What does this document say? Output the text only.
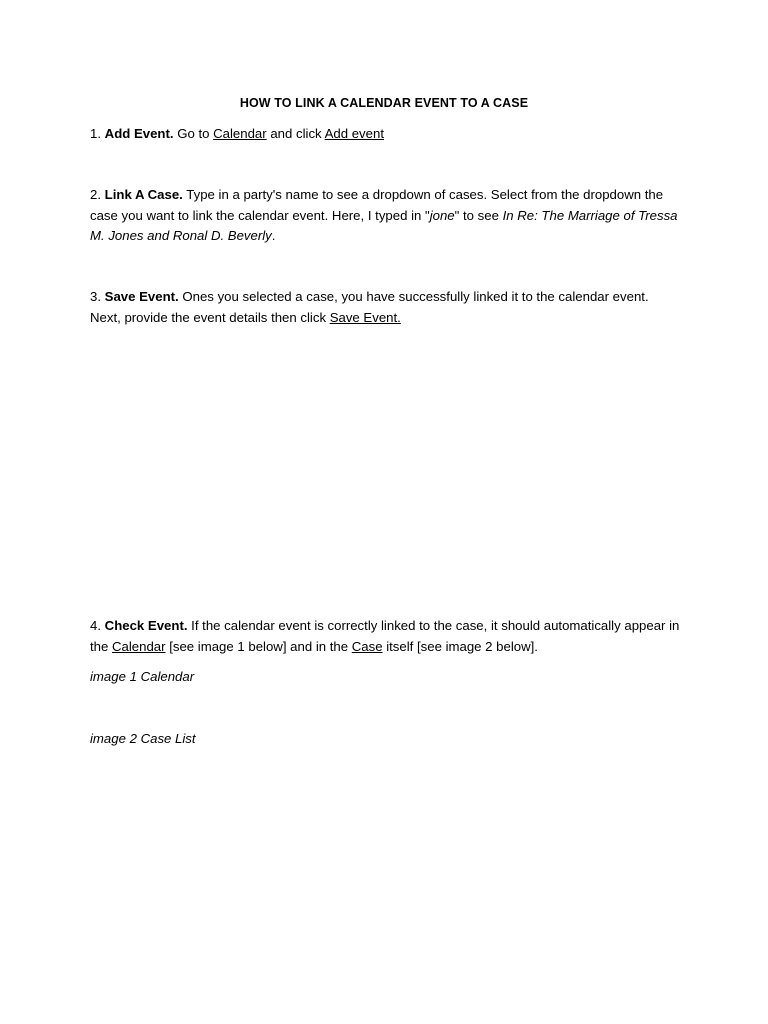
HOW TO LINK A CALENDAR EVENT TO A CASE
1. Add Event. Go to Calendar and click Add event
2. Link A Case. Type in a party's name to see a dropdown of cases. Select from the dropdown the case you want to link the calendar event. Here, I typed in "jone" to see In Re: The Marriage of Tressa M. Jones and Ronal D. Beverly.
3. Save Event. Ones you selected a case, you have successfully linked it to the calendar event. Next, provide the event details then click Save Event.
4. Check Event. If the calendar event is correctly linked to the case, it should automatically appear in the Calendar [see image 1 below] and in the Case itself [see image 2 below].
image 1 Calendar
image 2 Case List
